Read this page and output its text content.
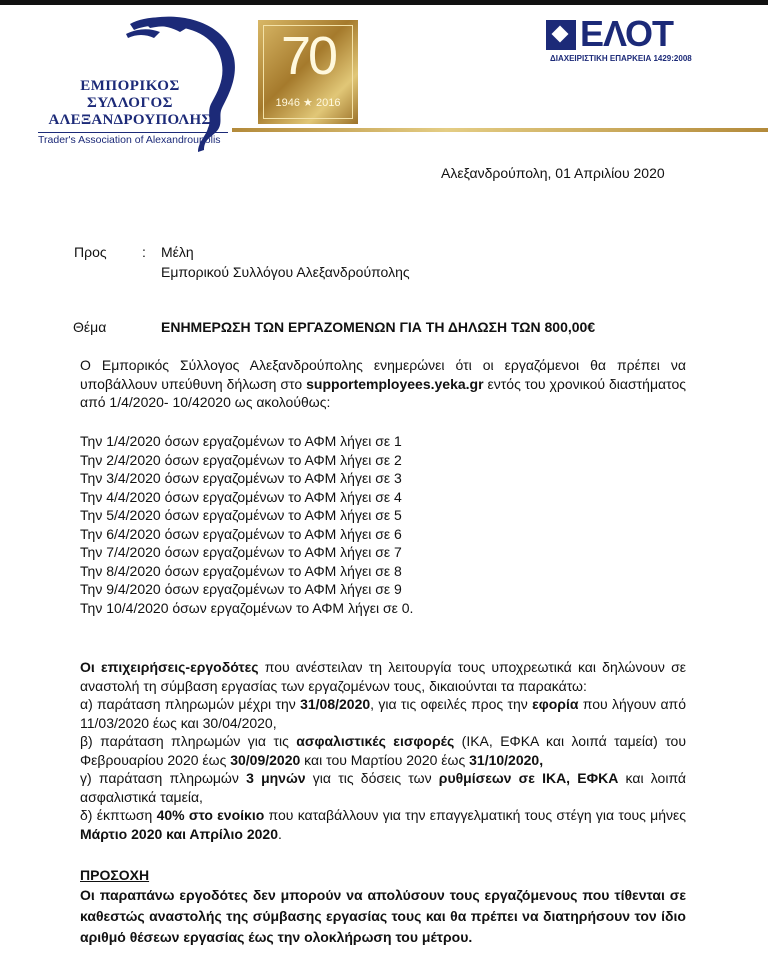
ΕΜΠΟΡΙΚΟΣ
ΣΥΛΛΟΓΟΣ
ΑΛΕΞΑΝΔΡΟΥΠΟΛΗΣ
Trader's Association of Alexandroupolis
70
1946 ★ 2016
ΕΛΟΤ
ΔΙΑΧΕΙΡΙΣΤΙΚΗ ΕΠΑΡΚΕΙΑ 1429:2008
Αλεξανδρούπολη, 01 Απριλίου 2020
Προς	: Μέλη
Εμπορικού Συλλόγου Αλεξανδρούπολης
Θέμα	ΕΝΗΜΕΡΩΣΗ ΤΩΝ ΕΡΓΑΖΟΜΕΝΩΝ ΓΙΑ ΤΗ ΔΗΛΩΣΗ ΤΩΝ 800,00€
Ο Εμπορικός Σύλλογος Αλεξανδρούπολης ενημερώνει ότι οι εργαζόμενοι θα πρέπει να υποβάλλουν υπεύθυνη δήλωση στο supportemployees.yeka.gr εντός του χρονικού διαστήματος από 1/4/2020- 10/42020 ως ακολούθως:
Την 1/4/2020 όσων εργαζομένων το ΑΦΜ λήγει σε 1
Την 2/4/2020 όσων εργαζομένων το ΑΦΜ λήγει σε 2
Την 3/4/2020 όσων εργαζομένων το ΑΦΜ λήγει σε 3
Την 4/4/2020 όσων εργαζομένων το ΑΦΜ λήγει σε 4
Την 5/4/2020 όσων εργαζομένων το ΑΦΜ λήγει σε 5
Την 6/4/2020 όσων εργαζομένων το ΑΦΜ λήγει σε 6
Την 7/4/2020 όσων εργαζομένων το ΑΦΜ λήγει σε 7
Την 8/4/2020 όσων εργαζομένων το ΑΦΜ λήγει σε 8
Την 9/4/2020 όσων εργαζομένων το ΑΦΜ λήγει σε 9
Την 10/4/2020 όσων εργαζομένων το ΑΦΜ λήγει σε 0.
Οι επιχειρήσεις-εργοδότες που ανέστειλαν τη λειτουργία τους υποχρεωτικά και δηλώνουν σε αναστολή τη σύμβαση εργασίας των εργαζομένων τους, δικαιούνται τα παρακάτω:
α) παράταση πληρωμών μέχρι την 31/08/2020, για τις οφειλές προς την εφορία που λήγουν από 11/03/2020 έως και 30/04/2020,
β) παράταση πληρωμών για τις ασφαλιστικές εισφορές (ΙΚΑ, ΕΦΚΑ και λοιπά ταμεία) του Φεβρουαρίου 2020 έως 30/09/2020 και του Μαρτίου 2020 έως 31/10/2020,
γ) παράταση πληρωμών 3 μηνών για τις δόσεις των ρυθμίσεων σε ΙΚΑ, ΕΦΚΑ και λοιπά ασφαλιστικά ταμεία,
δ) έκπτωση 40% στο ενοίκιο που καταβάλλουν για την επαγγελματική τους στέγη για τους μήνες Μάρτιο 2020 και Απρίλιο 2020.
ΠΡΟΣΟΧΗ
Οι παραπάνω εργοδότες δεν μπορούν να απολύσουν τους εργαζόμενους που τίθενται σε καθεστώς αναστολής της σύμβασης εργασίας τους και θα πρέπει να διατηρήσουν τον ίδιο αριθμό θέσεων εργασίας έως την ολοκλήρωση του μέτρου.
